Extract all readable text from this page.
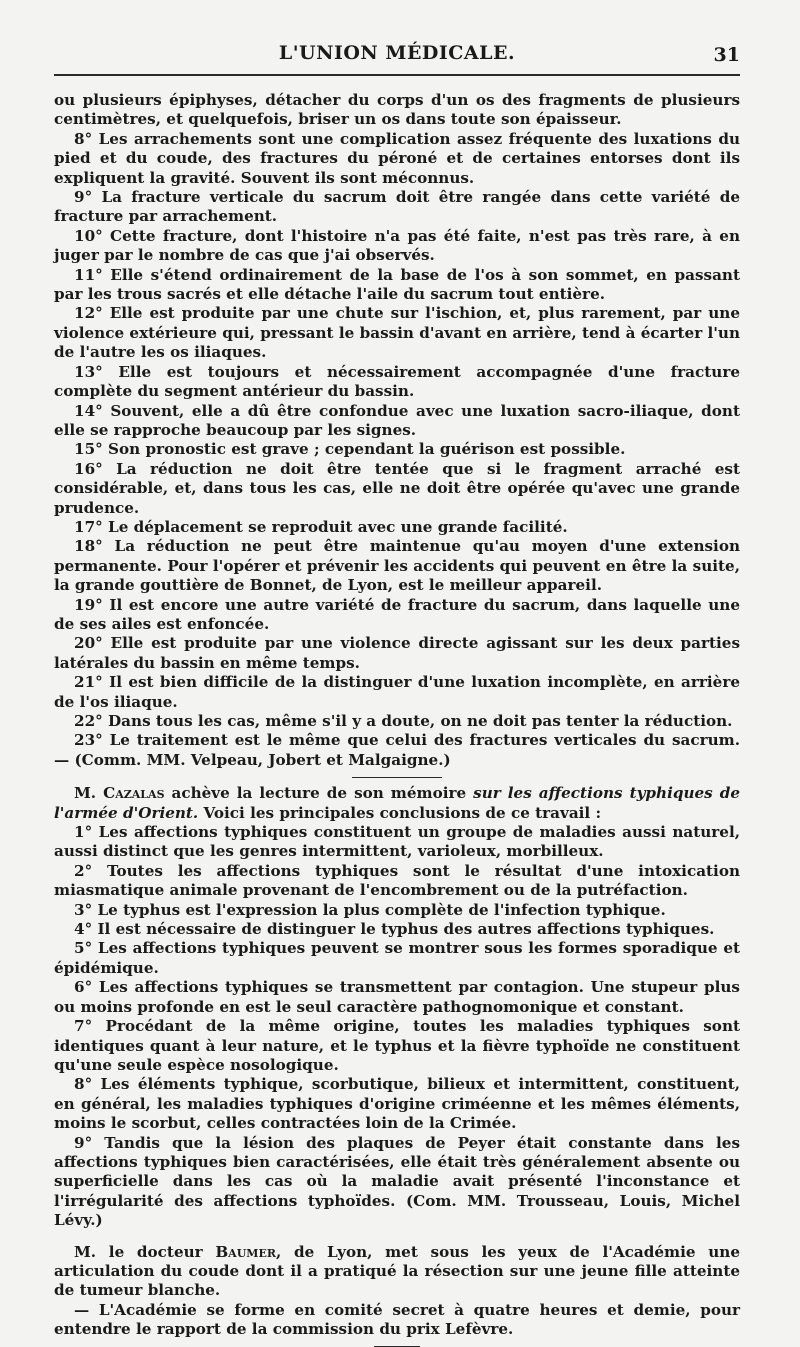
L'UNION MÉDICALE.	31

ou plusieurs épiphyses, détacher du corps d'un os des fragments de plusieurs centimètres, et quelquefois, briser un os dans toute son épaisseur.

8° Les arrachements sont une complication assez fréquente des luxations du pied et du coude, des fractures du péroné et de certaines entorses dont ils expliquent la gravité. Souvent ils sont méconnus.

9° La fracture verticale du sacrum doit être rangée dans cette variété de fracture par arrachement.

10° Cette fracture, dont l'histoire n'a pas été faite, n'est pas très rare, à en juger par le nombre de cas que j'ai observés.

11° Elle s'étend ordinairement de la base de l'os à son sommet, en passant par les trous sacrés et elle détache l'aile du sacrum tout entière.

12° Elle est produite par une chute sur l'ischion, et, plus rarement, par une violence extérieure qui, pressant le bassin d'avant en arrière, tend à écarter l'un de l'autre les os iliaques.

13° Elle est toujours et nécessairement accompagnée d'une fracture complète du segment antérieur du bassin.

14° Souvent, elle a dû être confondue avec une luxation sacro-iliaque, dont elle se rapproche beaucoup par les signes.

15° Son pronostic est grave ; cependant la guérison est possible.

16° La réduction ne doit être tentée que si le fragment arraché est considérable, et, dans tous les cas, elle ne doit être opérée qu'avec une grande prudence.

17° Le déplacement se reproduit avec une grande facilité.

18° La réduction ne peut être maintenue qu'au moyen d'une extension permanente. Pour l'opérer et prévenir les accidents qui peuvent en être la suite, la grande gouttière de Bonnet, de Lyon, est le meilleur appareil.

19° Il est encore une autre variété de fracture du sacrum, dans laquelle une de ses ailes est enfoncée.

20° Elle est produite par une violence directe agissant sur les deux parties latérales du bassin en même temps.

21° Il est bien difficile de la distinguer d'une luxation incomplète, en arrière de l'os iliaque.

22° Dans tous les cas, même s'il y a doute, on ne doit pas tenter la réduction.

23° Le traitement est le même que celui des fractures verticales du sacrum. — (Comm. MM. Velpeau, Jobert et Malgaigne.)

M. Cazalas achève la lecture de son mémoire sur les affections typhiques de l'armée d'Orient. Voici les principales conclusions de ce travail :

1° Les affections typhiques constituent un groupe de maladies aussi naturel, aussi distinct que les genres intermittent, varioleux, morbilleux.

2° Toutes les affections typhiques sont le résultat d'une intoxication miasmatique animale provenant de l'encombrement ou de la putréfaction.

3° Le typhus est l'expression la plus complète de l'infection typhique.

4° Il est nécessaire de distinguer le typhus des autres affections typhiques.

5° Les affections typhiques peuvent se montrer sous les formes sporadique et épidémique.

6° Les affections typhiques se transmettent par contagion. Une stupeur plus ou moins profonde en est le seul caractère pathognomonique et constant.

7° Procédant de la même origine, toutes les maladies typhiques sont identiques quant à leur nature, et le typhus et la fièvre typhoïde ne constituent qu'une seule espèce nosologique.

8° Les éléments typhique, scorbutique, bilieux et intermittent, constituent, en général, les maladies typhiques d'origine criméenne et les mêmes éléments, moins le scorbut, celles contractées loin de la Crimée.

9° Tandis que la lésion des plaques de Peyer était constante dans les affections typhiques bien caractérisées, elle était très généralement absente ou superficielle dans les cas où la maladie avait présenté l'inconstance et l'irrégularité des affections typhoïdes. (Com. MM. Trousseau, Louis, Michel Lévy.)

M. le docteur Baumer, de Lyon, met sous les yeux de l'Académie une articulation du coude dont il a pratiqué la résection sur une jeune fille atteinte de tumeur blanche.

— L'Académie se forme en comité secret à quatre heures et demie, pour entendre le rapport de la commission du prix Lefèvre.
